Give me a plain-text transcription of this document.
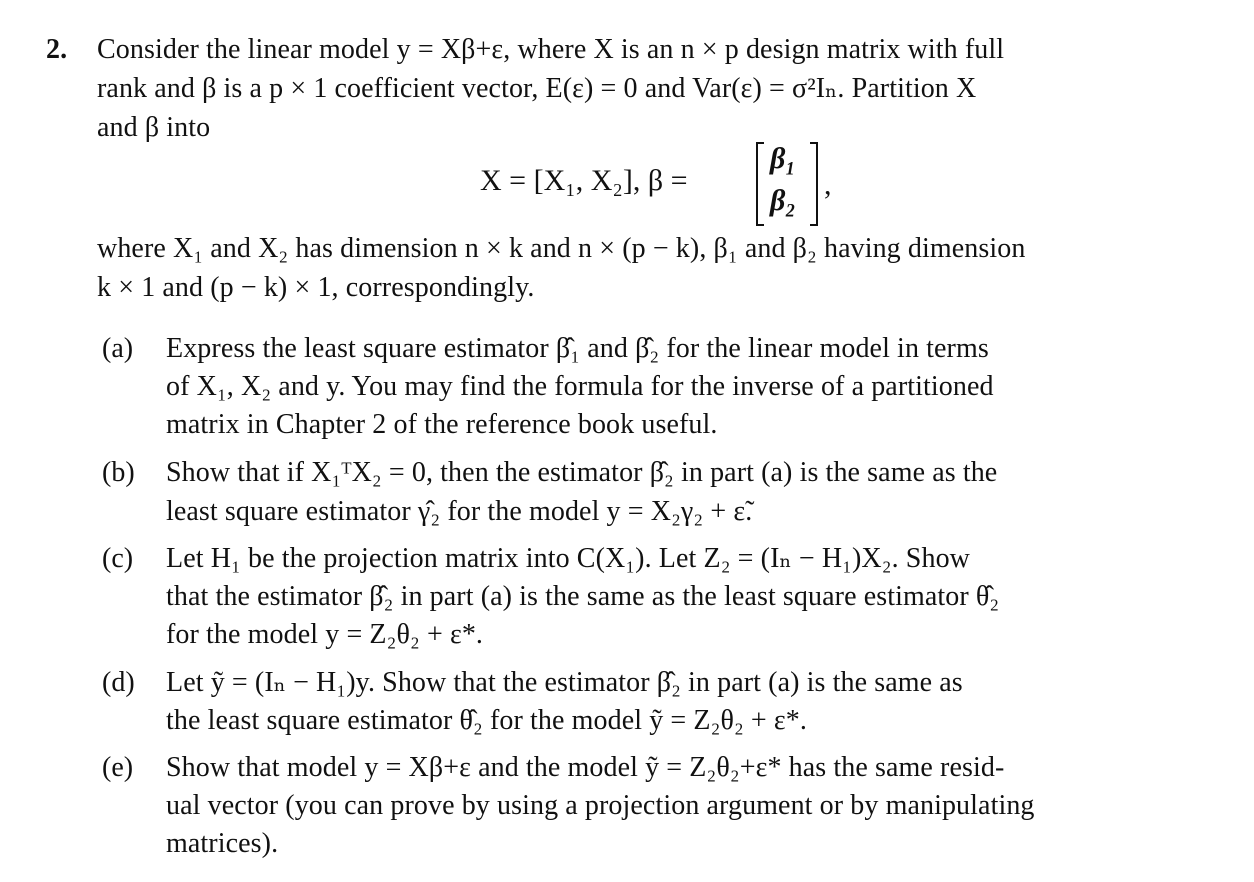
2. Consider the linear model y = Xβ+ε, where X is an n × p design matrix with full
rank and β is a p × 1 coefficient vector, E(ε) = 0 and Var(ε) = σ²Iₙ. Partition X
and β into
X = [X₁, X₂], β =
β₁
β₂ ,
where X₁ and X₂ has dimension n × k and n × (p − k), β₁ and β₂ having dimension
k × 1 and (p − k) × 1, correspondingly.
(a) Express the least square estimator β̂₁ and β̂₂ for the linear model in terms
of X₁, X₂ and y. You may find the formula for the inverse of a partitioned
matrix in Chapter 2 of the reference book useful.
(b) Show that if X₁ᵀX₂ = 0, then the estimator β̂₂ in part (a) is the same as the
least square estimator γ̂₂ for the model y = X₂γ₂ + ε̃.
(c) Let H₁ be the projection matrix into C(X₁). Let Z₂ = (Iₙ − H₁)X₂. Show
that the estimator β̂₂ in part (a) is the same as the least square estimator θ̂₂
for the model y = Z₂θ₂ + ε*.
(d) Let ỹ = (Iₙ − H₁)y. Show that the estimator β̂₂ in part (a) is the same as
the least square estimator θ̂₂ for the model ỹ = Z₂θ₂ + ε*.
(e) Show that model y = Xβ+ε and the model ỹ = Z₂θ₂+ε* has the same resid-
ual vector (you can prove by using a projection argument or by manipulating
matrices).
